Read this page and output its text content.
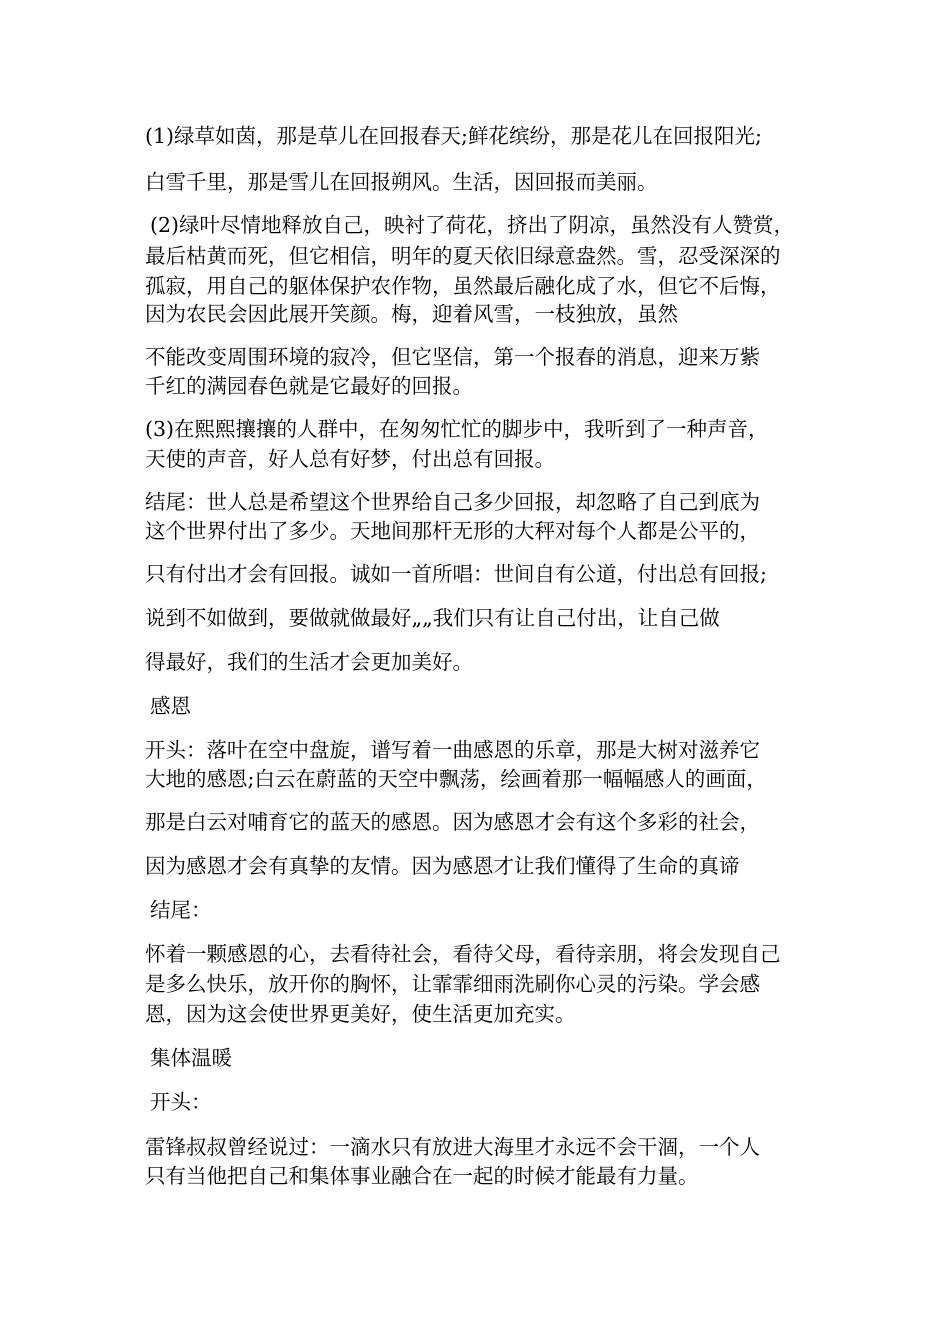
(1)绿草如茵，那是草儿在回报春天;鲜花缤纷，那是花儿在回报阳光;
白雪千里，那是雪儿在回报朔风。生活，因回报而美丽。
(2)绿叶尽情地释放自己，映衬了荷花，挤出了阴凉，虽然没有人赞赏，
最后枯黄而死，但它相信，明年的夏天依旧绿意盎然。雪，忍受深深的
孤寂，用自己的躯体保护农作物，虽然最后融化成了水，但它不后悔，
因为农民会因此展开笑颜。梅，迎着风雪，一枝独放，虽然
不能改变周围环境的寂冷，但它坚信，第一个报春的消息，迎来万紫
千红的满园春色就是它最好的回报。
(3)在熙熙攘攘的人群中，在匆匆忙忙的脚步中，我听到了一种声音，
天使的声音，好人总有好梦，付出总有回报。
结尾：世人总是希望这个世界给自己多少回报，却忽略了自己到底为
这个世界付出了多少。天地间那杆无形的大秤对每个人都是公平的，
只有付出才会有回报。诚如一首所唱：世间自有公道，付出总有回报;
说到不如做到，要做就做最好„„我们只有让自己付出，让自己做
得最好，我们的生活才会更加美好。
感恩
开头：落叶在空中盘旋，谱写着一曲感恩的乐章，那是大树对滋养它
大地的感恩;白云在蔚蓝的天空中飘荡，绘画着那一幅幅感人的画面，
那是白云对哺育它的蓝天的感恩。因为感恩才会有这个多彩的社会，
因为感恩才会有真挚的友情。因为感恩才让我们懂得了生命的真谛
结尾：
怀着一颗感恩的心，去看待社会，看待父母，看待亲朋，将会发现自己
是多么快乐，放开你的胸怀，让霏霏细雨洗刷你心灵的污染。学会感
恩，因为这会使世界更美好，使生活更加充实。
集体温暖
开头：
雷锋叔叔曾经说过：一滴水只有放进大海里才永远不会干涸，一个人
只有当他把自己和集体事业融合在一起的时候才能最有力量。
